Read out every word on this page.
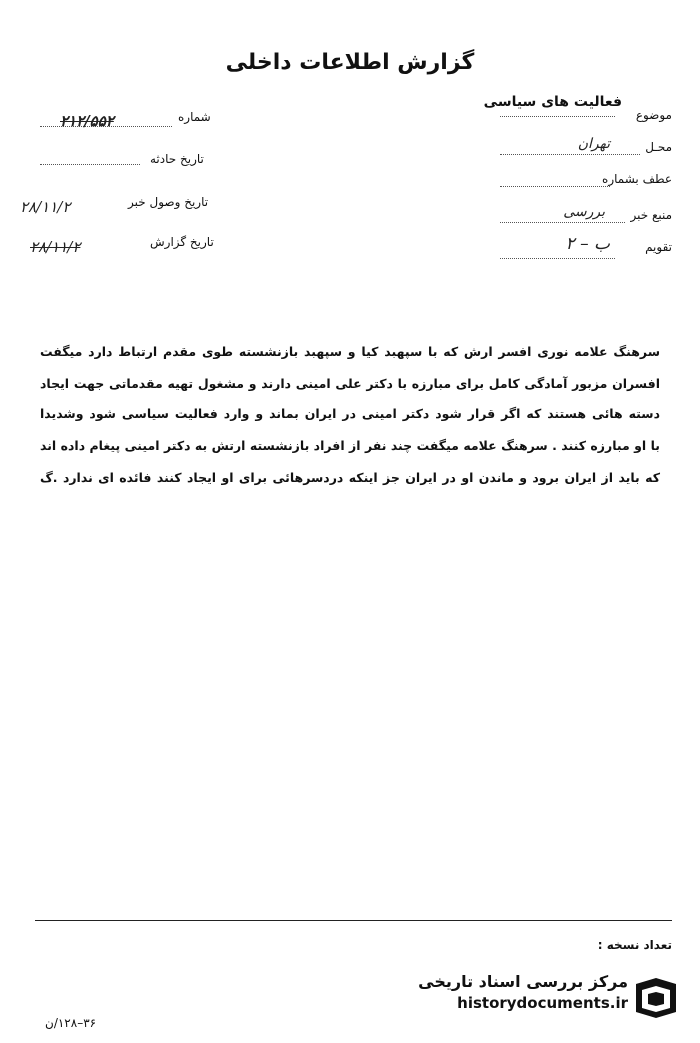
گزارش اطلاعات داخلی
شماره
۲۱۲/۵۵۲
تاریخ حادثه
تاریخ وصول خبر
۲۸/۱۱/۲
تاریخ گزارش
۲۸/۱۱/۲
موضوع
فعالیت های سیاسی
محـل
تهران
عطف بشماره
منبع خبر
بررسی
تقویم
ب – ۲
سرهنگ علامه نوری افسر ارش که با سپهبد کیا و سپهبد بازنشسته طوی مقدم ارتباط دارد میگفت
افسران مزبور آمادگی کامل برای مبارزه با دکتر علی امینی دارند و مشغول تهیه مقدماتی جهت ایجاد
دسته هائی هستند که اگر قرار شود دکتر امینی در ایران بماند و وارد فعالیت سیاسی شود وشدیدا
با او مبارزه کنند . سرهنگ علامه میگفت چند نفر از افراد بازنشسته ارتش به دکتر امینی پیغام داده اند
که باید از ایران برود و ماندن او در ایران جز اینکه دردسرهائی برای او ایجاد کنند فائده ای ندارد .گ
تعداد نسخه :
مرکز بررسی اسناد تاریخی
historydocuments.ir
۳۶–۱۲۸/ن
